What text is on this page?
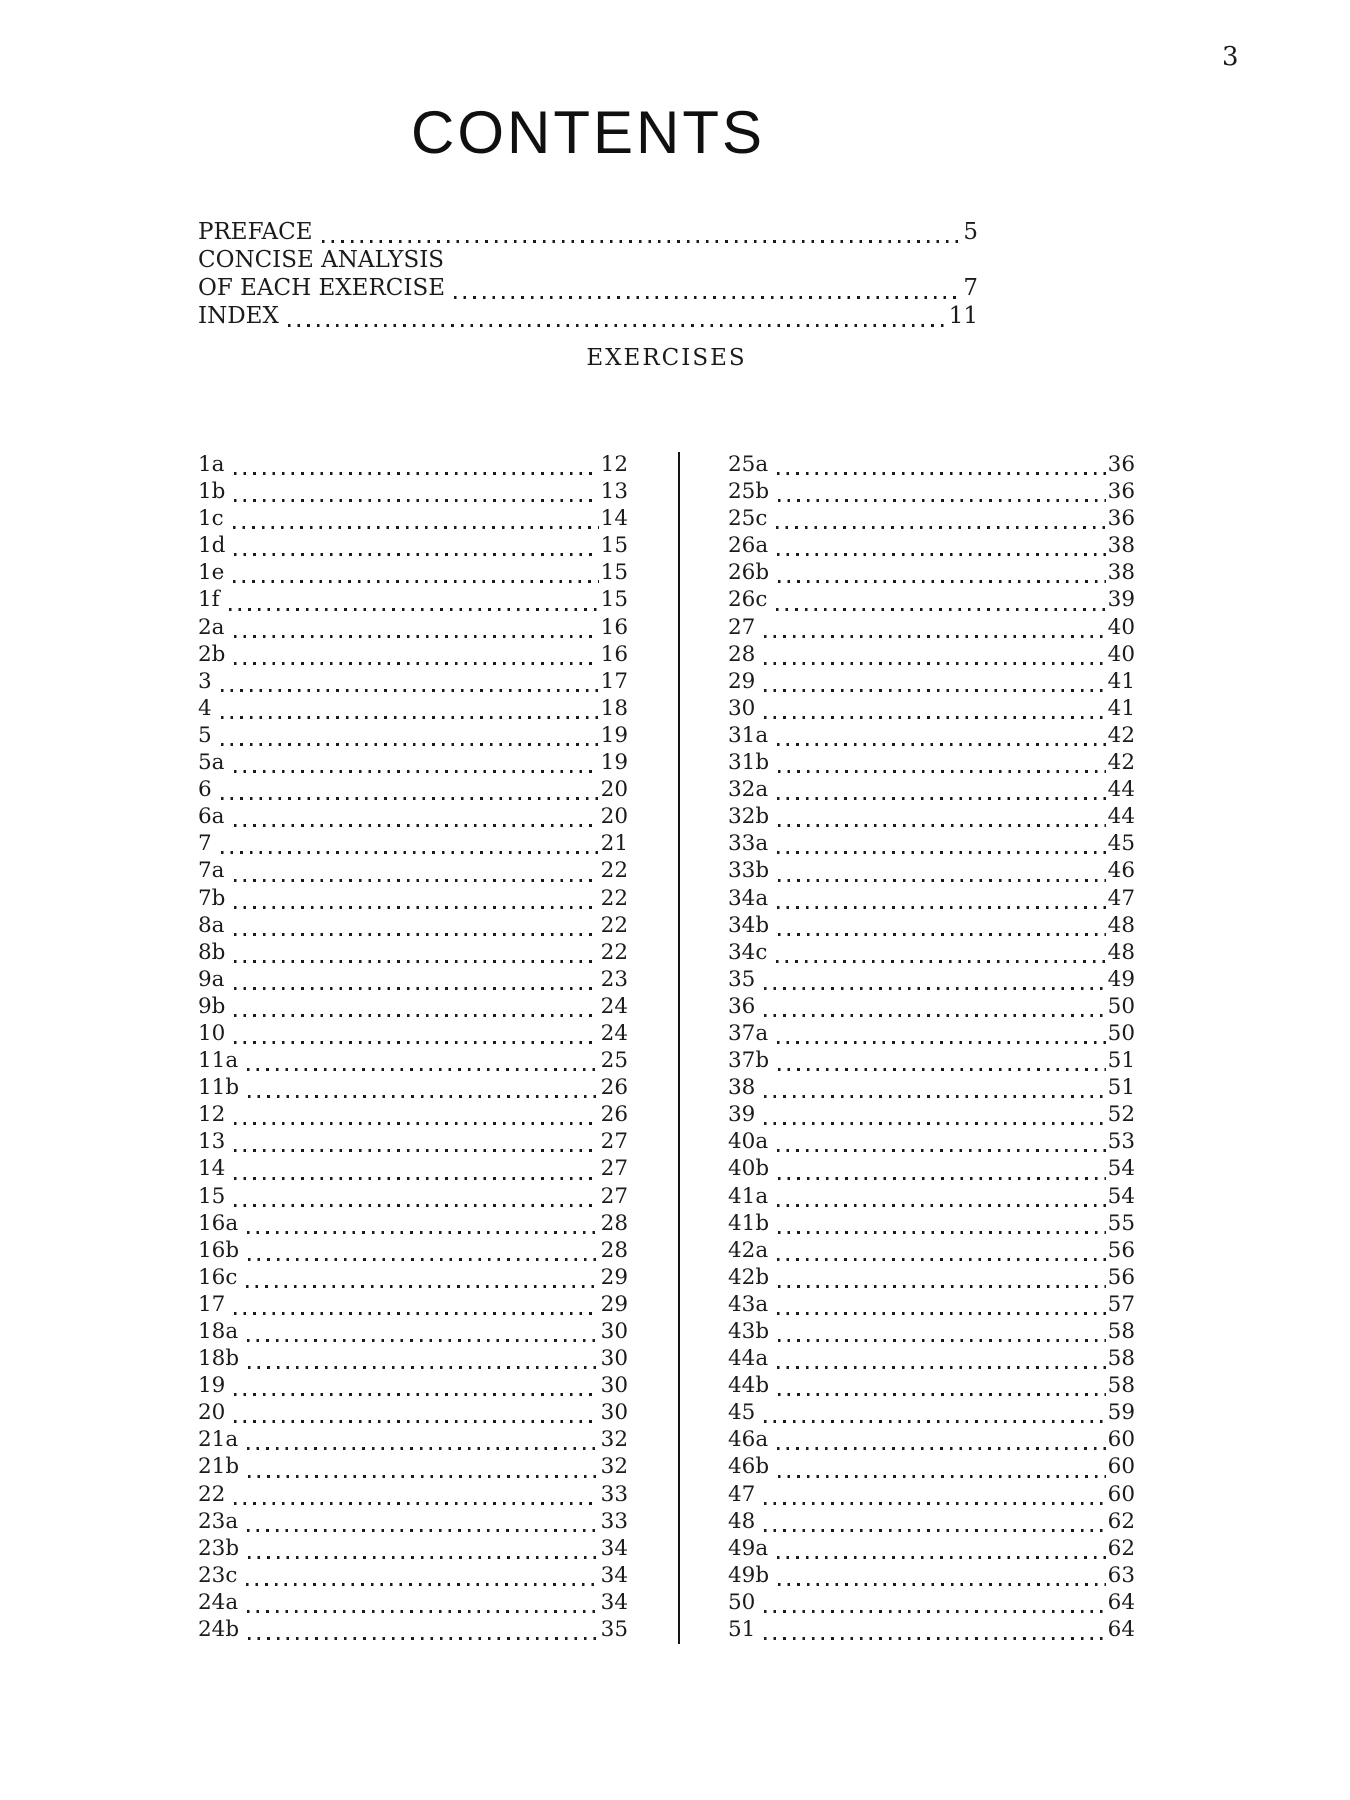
3
CONTENTS
PREFACE	5
CONCISE ANALYSIS
OF EACH EXERCISE	7
INDEX	11
EXERCISES
1a	12
1b	13
1c	14
1d	15
1e	15
1f	15
2a	16
2b	16
3	17
4	18
5	19
5a	19
6	20
6a	20
7	21
7a	22
7b	22
8a	22
8b	22
9a	23
9b	24
10	24
11a	25
11b	26
12	26
13	27
14	27
15	27
16a	28
16b	28
16c	29
17	29
18a	30
18b	30
19	30
20	30
21a	32
21b	32
22	33
23a	33
23b	34
23c	34
24a	34
24b	35
25a	36
25b	36
25c	36
26a	38
26b	38
26c	39
27	40
28	40
29	41
30	41
31a	42
31b	42
32a	44
32b	44
33a	45
33b	46
34a	47
34b	48
34c	48
35	49
36	50
37a	50
37b	51
38	51
39	52
40a	53
40b	54
41a	54
41b	55
42a	56
42b	56
43a	57
43b	58
44a	58
44b	58
45	59
46a	60
46b	60
47	60
48	62
49a	62
49b	63
50	64
51	64
